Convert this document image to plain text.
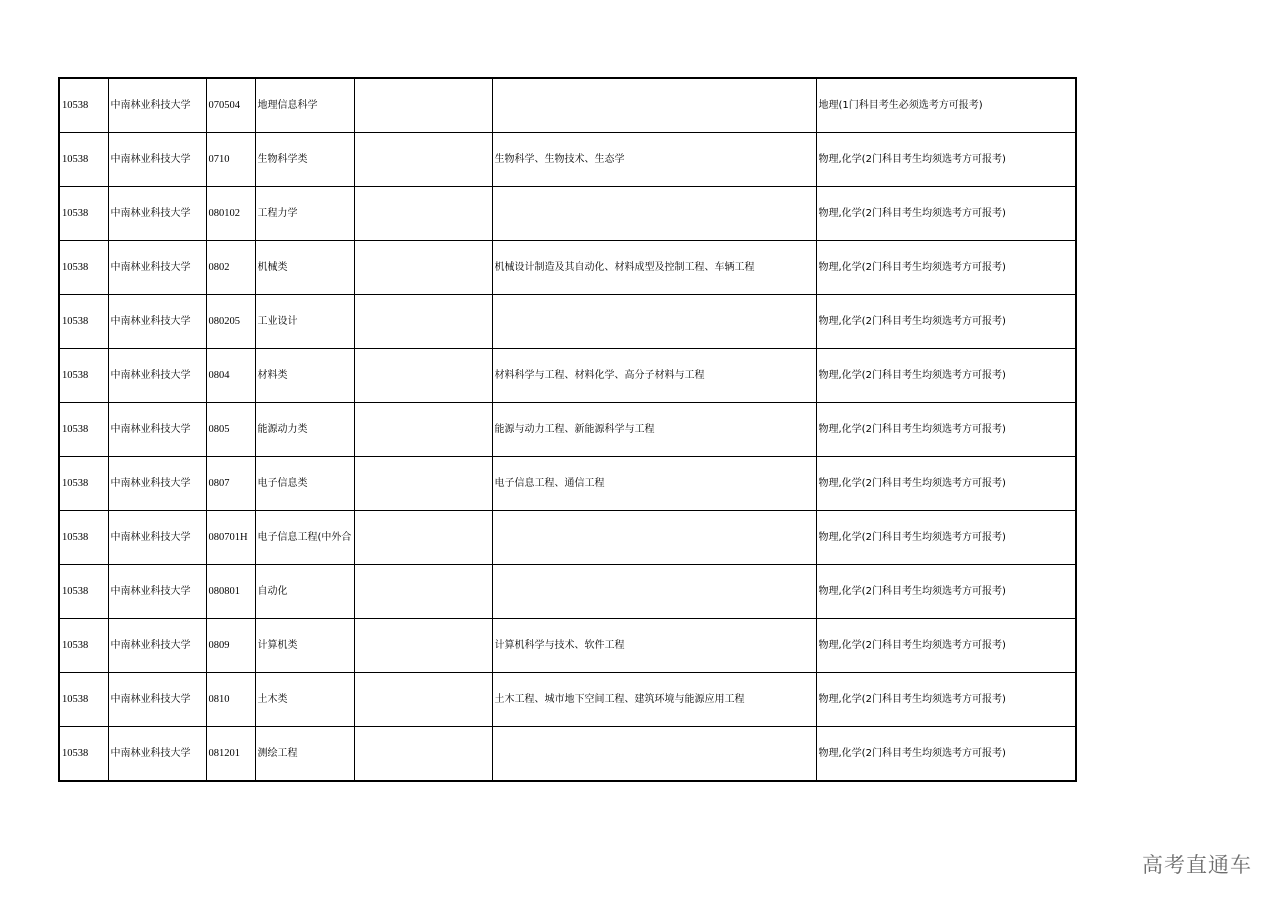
10538	中南林业科技大学	070504	地理信息科学			地理(1门科目考生必须选考方可报考)
10538	中南林业科技大学	0710	生物科学类		生物科学、生物技术、生态学	物理,化学(2门科目考生均须选考方可报考)
10538	中南林业科技大学	080102	工程力学			物理,化学(2门科目考生均须选考方可报考)
10538	中南林业科技大学	0802	机械类		机械设计制造及其自动化、材料成型及控制工程、车辆工程	物理,化学(2门科目考生均须选考方可报考)
10538	中南林业科技大学	080205	工业设计			物理,化学(2门科目考生均须选考方可报考)
10538	中南林业科技大学	0804	材料类		材料科学与工程、材料化学、高分子材料与工程	物理,化学(2门科目考生均须选考方可报考)
10538	中南林业科技大学	0805	能源动力类		能源与动力工程、新能源科学与工程	物理,化学(2门科目考生均须选考方可报考)
10538	中南林业科技大学	0807	电子信息类		电子信息工程、通信工程	物理,化学(2门科目考生均须选考方可报考)
10538	中南林业科技大学	080701H	电子信息工程(中外合			物理,化学(2门科目考生均须选考方可报考)
10538	中南林业科技大学	080801	自动化			物理,化学(2门科目考生均须选考方可报考)
10538	中南林业科技大学	0809	计算机类		计算机科学与技术、软件工程	物理,化学(2门科目考生均须选考方可报考)
10538	中南林业科技大学	0810	土木类		土木工程、城市地下空间工程、建筑环境与能源应用工程	物理,化学(2门科目考生均须选考方可报考)
10538	中南林业科技大学	081201	测绘工程			物理,化学(2门科目考生均须选考方可报考)
高考直通车
